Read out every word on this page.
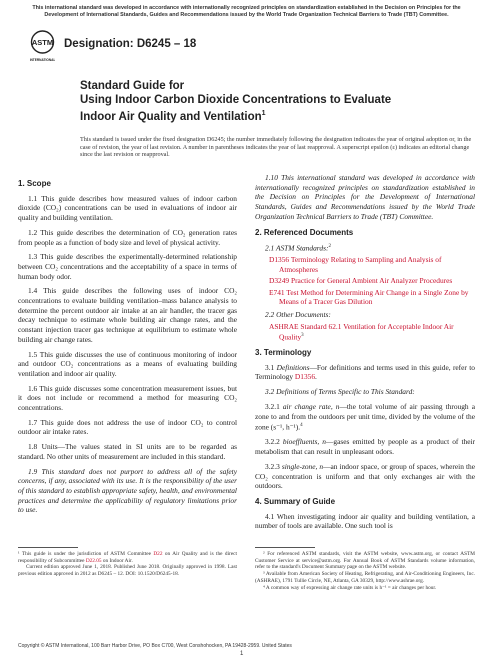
This international standard was developed in accordance with internationally recognized principles on standardization established in the Decision on Principles for the Development of International Standards, Guides and Recommendations issued by the World Trade Organization Technical Barriers to Trade (TBT) Committee.
ASTM
INTERNATIONAL
Designation: D6245 – 18
Standard Guide for
Using Indoor Carbon Dioxide Concentrations to Evaluate
Indoor Air Quality and Ventilation$^1$
This standard is issued under the fixed designation D6245; the number immediately following the designation indicates the year of original adoption or, in the case of revision, the year of last revision. A number in parentheses indicates the year of last reapproval. A superscript epsilon (ε) indicates an editorial change since the last revision or reapproval.
1. Scope

1.1 This guide describes how measured values of indoor carbon dioxide (CO₂) concentrations can be used in evaluations of indoor air quality and building ventilation.

1.2 This guide describes the determination of CO₂ generation rates from people as a function of body size and level of physical activity.

1.3 This guide describes the experimentally-determined relationship between CO₂ concentrations and the acceptability of a space in terms of human body odor.

1.4 This guide describes the following uses of indoor CO₂ concentrations to evaluate building ventilation–mass balance analysis to determine the percent outdoor air intake at an air handler, the tracer gas decay technique to estimate whole building air change rates, and the constant injection tracer gas technique at equilibrium to estimate whole building air change rates.

1.5 This guide discusses the use of continuous monitoring of indoor and outdoor CO₂ concentrations as a means of evaluating building ventilation and indoor air quality.

1.6 This guide discusses some concentration measurement issues, but it does not include or recommend a method for measuring CO₂ concentrations.

1.7 This guide does not address the use of indoor CO₂ to control outdoor air intake rates.

1.8 Units—The values stated in SI units are to be regarded as standard. No other units of measurement are included in this standard.

1.9 This standard does not purport to address all of the safety concerns, if any, associated with its use. It is the responsibility of the user of this standard to establish appropriate safety, health, and environmental practices and determine the applicability of regulatory limitations prior to use.

¹ This guide is under the jurisdiction of ASTM Committee D22 on Air Quality and is the direct responsibility of Subcommittee D22.05 on Indoor Air.
Current edition approved June 1, 2018. Published June 2018. Originally approved in 1998. Last previous edition approved in 2012 as D6245 – 12. DOI: 10.1520/D6245-18.

1.10 This international standard was developed in accordance with internationally recognized principles on standardization established in the Decision on Principles for the Development of International Standards, Guides and Recommendations issued by the World Trade Organization Technical Barriers to Trade (TBT) Committee.

2. Referenced Documents

2.1 ASTM Standards:$^2$

D1356 Terminology Relating to Sampling and Analysis of Atmospheres
D3249 Practice for General Ambient Air Analyzer Procedures
E741 Test Method for Determining Air Change in a Single Zone by Means of a Tracer Gas Dilution

2.2 Other Documents:

ASHRAE Standard 62.1 Ventilation for Acceptable Indoor Air Quality$^3$
3. Terminology

3.1 Definitions—For definitions and terms used in this guide, refer to Terminology D1356.

3.2 Definitions of Terms Specific to This Standard:

3.2.1 air change rate, n—the total volume of air passing through a zone to and from the outdoors per unit time, divided by the volume of the zone (s⁻¹, h⁻¹).$^4$

3.2.2 bioeffluents, n—gases emitted by people as a product of their metabolism that can result in unpleasant odors.

3.2.3 single-zone, n—an indoor space, or group of spaces, wherein the CO₂ concentration is uniform and that only exchanges air with the outdoors.

4. Summary of Guide

4.1 When investigating indoor air quality and building ventilation, a number of tools are available. One such tool is

² For referenced ASTM standards, visit the ASTM website, www.astm.org, or contact ASTM Customer Service at service@astm.org. For Annual Book of ASTM Standards volume information, refer to the standard's Document Summary page on the ASTM website.
³ Available from American Society of Heating, Refrigerating, and Air-Conditioning Engineers, Inc. (ASHRAE), 1791 Tullie Circle, NE, Atlanta, GA 30329, http://www.ashrae.org.
⁴ A common way of expressing air change rate units is h⁻¹ = air changes per hour.
Copyright © ASTM International, 100 Barr Harbor Drive, PO Box C700, West Conshohocken, PA 19428-2959. United States
1
